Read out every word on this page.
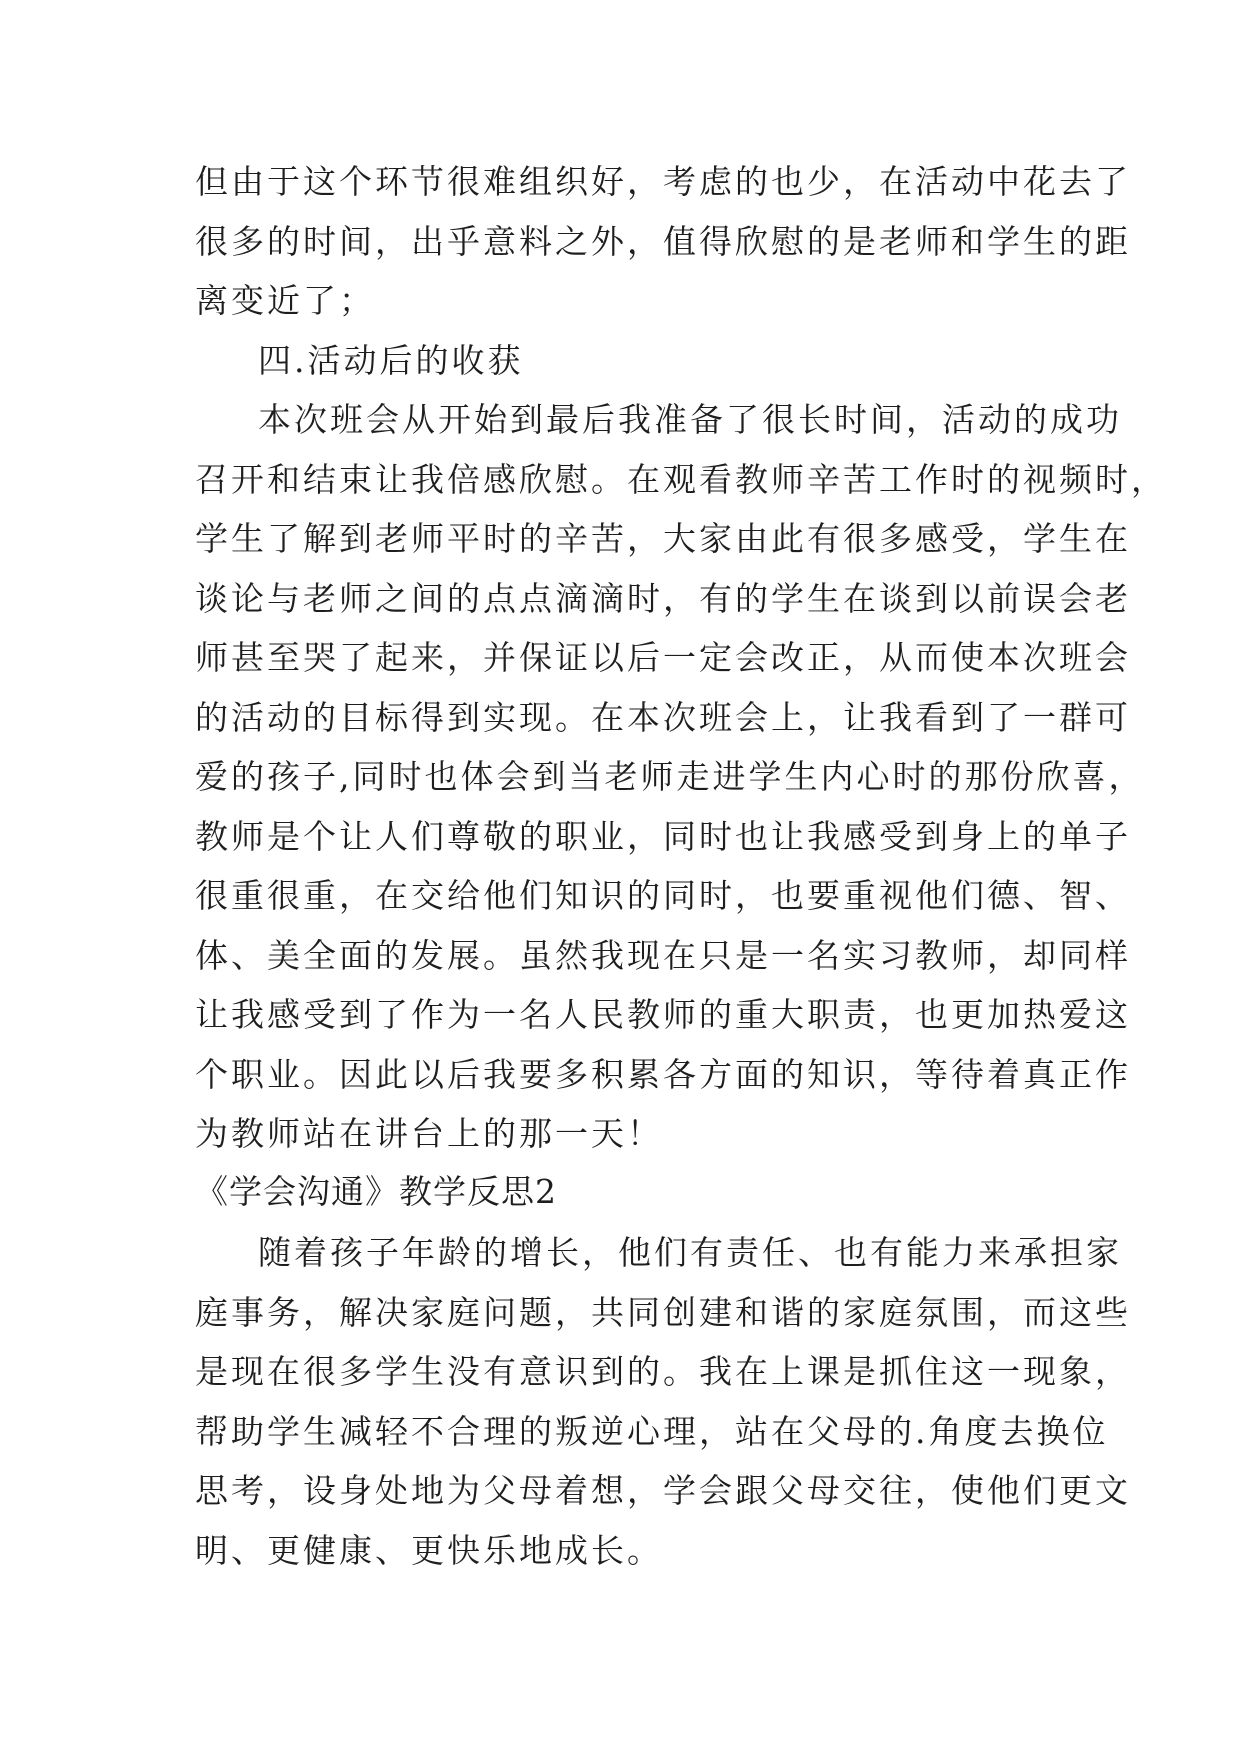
但由于这个环节很难组织好，考虑的也少，在活动中花去了
很多的时间，出乎意料之外，值得欣慰的是老师和学生的距
离变近了；
四.活动后的收获
本次班会从开始到最后我准备了很长时间，活动的成功
召开和结束让我倍感欣慰。在观看教师辛苦工作时的视频时，
学生了解到老师平时的辛苦，大家由此有很多感受，学生在
谈论与老师之间的点点滴滴时，有的学生在谈到以前误会老
师甚至哭了起来，并保证以后一定会改正，从而使本次班会
的活动的目标得到实现。在本次班会上，让我看到了一群可
爱的孩子,同时也体会到当老师走进学生内心时的那份欣喜，
教师是个让人们尊敬的职业，同时也让我感受到身上的单子
很重很重，在交给他们知识的同时，也要重视他们德、智、
体、美全面的发展。虽然我现在只是一名实习教师，却同样
让我感受到了作为一名人民教师的重大职责，也更加热爱这
个职业。因此以后我要多积累各方面的知识，等待着真正作
为教师站在讲台上的那一天！
《学会沟通》教学反思2
随着孩子年龄的增长，他们有责任、也有能力来承担家
庭事务，解决家庭问题，共同创建和谐的家庭氛围，而这些
是现在很多学生没有意识到的。我在上课是抓住这一现象，
帮助学生减轻不合理的叛逆心理，站在父母的.角度去换位
思考，设身处地为父母着想，学会跟父母交往，使他们更文
明、更健康、更快乐地成长。
